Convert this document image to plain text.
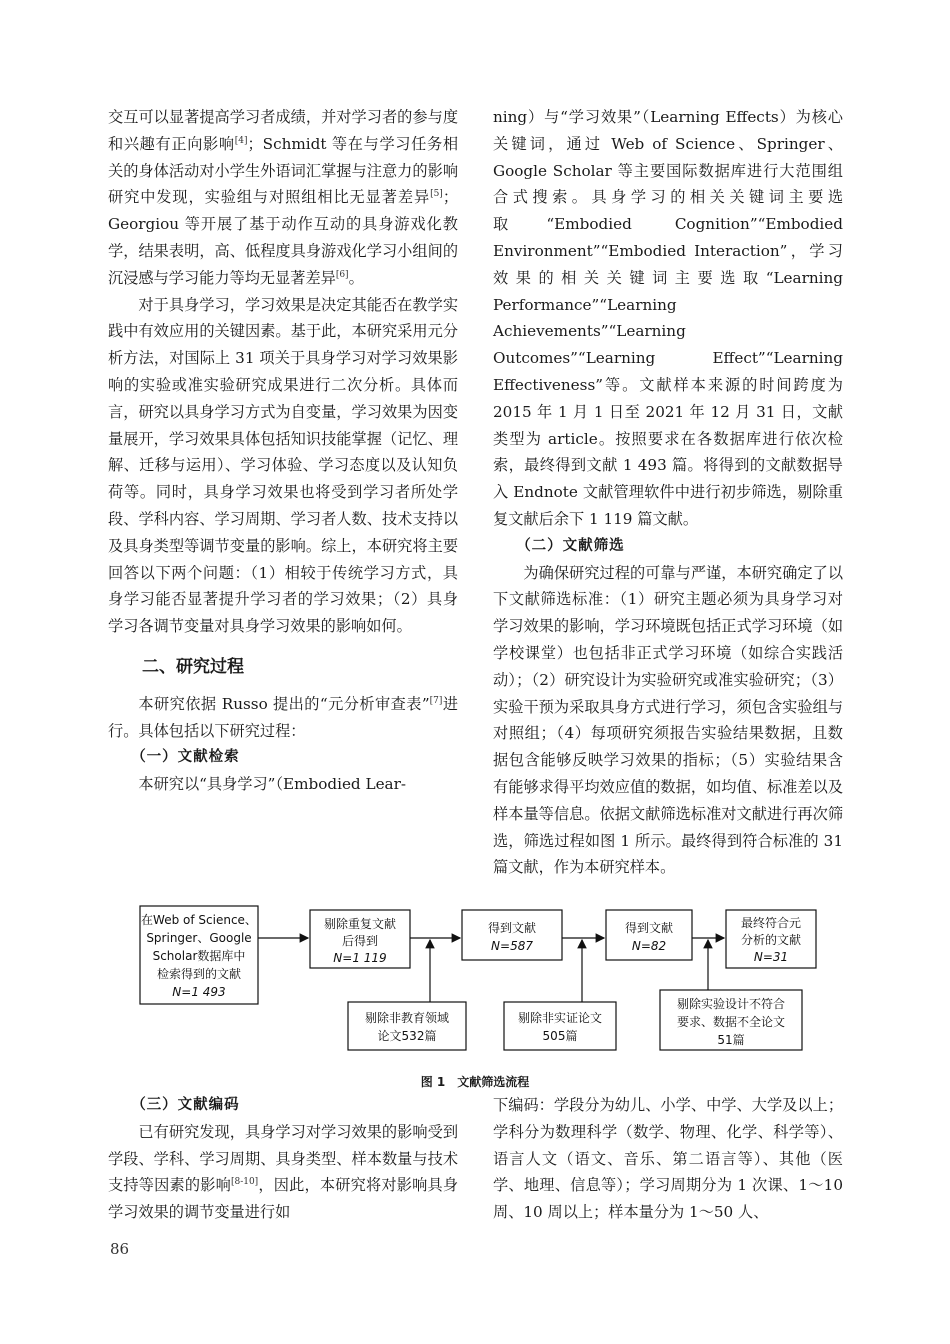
交互可以显著提高学习者成绩，并对学习者的参与度和兴趣有正向影响[4]；Schmidt 等在与学习任务相关的身体活动对小学生外语词汇掌握与注意力的影响研究中发现，实验组与对照组相比无显著差异[5]；Georgiou 等开展了基于动作互动的具身游戏化教学，结果表明，高、低程度具身游戏化学习小组间的沉浸感与学习能力等均无显著差异[6]。

对于具身学习，学习效果是决定其能否在教学实践中有效应用的关键因素。基于此，本研究采用元分析方法，对国际上 31 项关于具身学习对学习效果影响的实验或准实验研究成果进行二次分析。具体而言，研究以具身学习方式为自变量，学习效果为因变量展开，学习效果具体包括知识技能掌握（记忆、理解、迁移与运用）、学习体验、学习态度以及认知负荷等。同时，具身学习效果也将受到学习者所处学段、学科内容、学习周期、学习者人数、技术支持以及具身类型等调节变量的影响。综上，本研究将主要回答以下两个问题：（1）相较于传统学习方式，具身学习能否显著提升学习者的学习效果；（2）具身学习各调节变量对具身学习效果的影响如何。

二、研究过程

本研究依据 Russo 提出的“元分析审查表”[7]进行。具体包括以下研究过程：

（一）文献检索

本研究以“具身学习”（Embodied Lear-

ning）与“学习效果”（Learning Effects）为核心关键词，通过 Web of Science、Springer、Google Scholar 等主要国际数据库进行大范围组合式搜索。具身学习的相关关键词主要选取“Embodied Cognition”“Embodied Environment”“Embodied Interaction”，学习效果的相关关键词主要选取“Learning Performance”“Learning Achievements”“Learning Outcomes”“Learning Effect”“Learning Effectiveness”等。文献样本来源的时间跨度为 2015 年 1 月 1 日至 2021 年 12 月 31 日，文献类型为 article。按照要求在各数据库进行依次检索，最终得到文献 1 493 篇。将得到的文献数据导入 Endnote 文献管理软件中进行初步筛选，剔除重复文献后余下 1 119 篇文献。

（二）文献筛选

为确保研究过程的可靠与严谨，本研究确定了以下文献筛选标准：（1）研究主题必须为具身学习对学习效果的影响，学习环境既包括正式学习环境（如学校课堂）也包括非正式学习环境（如综合实践活动）；（2）研究设计为实验研究或准实验研究；（3）实验干预为采取具身方式进行学习，须包含实验组与对照组；（4）每项研究须报告实验结果数据，且数据包含能够反映学习效果的指标；（5）实验结果含有能够求得平均效应值的数据，如均值、标准差以及样本量等信息。依据文献筛选标准对文献进行再次筛选，筛选过程如图 1 所示。最终得到符合标准的 31 篇文献，作为本研究样本。

在Web of Science、
Springer、Google
Scholar数据库中
检索得到的文献
N=1 493
剔除重复文献
后得到
N=1 119
得到文献
N=587
得到文献
N=82
最终符合元
分析的文献
N=31
剔除非教育领域
论文532篇
剔除非实证论文
505篇
剔除实验设计不符合
要求、数据不全论文
51篇
图 1　文献筛选流程
（三）文献编码

已有研究发现，具身学习对学习效果的影响受到学段、学科、学习周期、具身类型、样本数量与技术支持等因素的影响[8-10]，因此，本研究将对影响具身学习效果的调节变量进行如

下编码：学段分为幼儿、小学、中学、大学及以上；学科分为数理科学（数学、物理、化学、科学等）、语言人文（语文、音乐、第二语言等）、其他（医学、地理、信息等）；学习周期分为 1 次课、1～10周、10 周以上；样本量分为 1～50 人、

86
